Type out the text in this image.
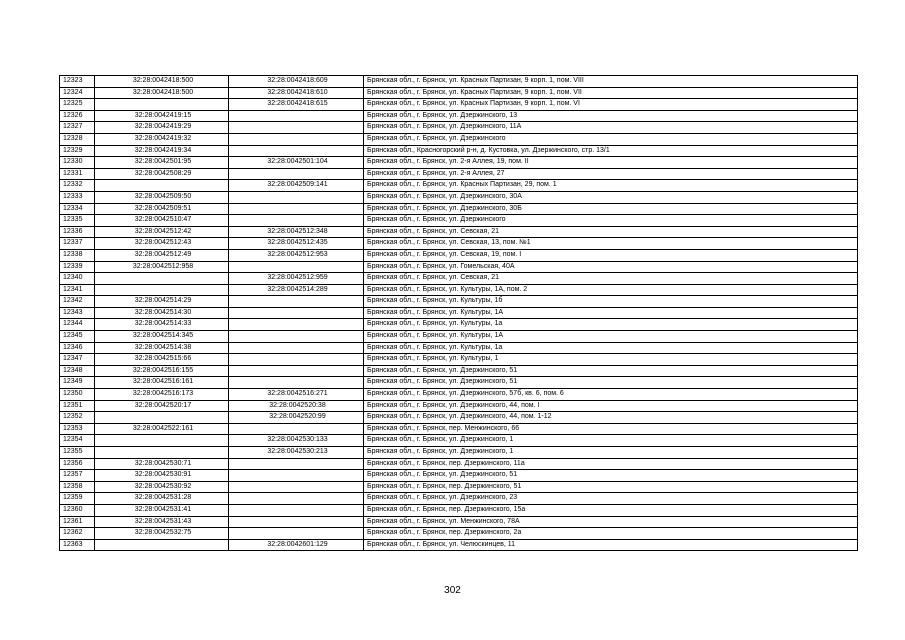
12323	32:28:0042418:500	32:28:0042418:609	Брянская обл., г. Брянск, ул. Красных Партизан, 9 корп. 1, пом. VIII
12324	32:28:0042418:500	32:28:0042418:610	Брянская обл., г. Брянск, ул. Красных Партизан, 9 корп. 1, пом. VII
12325		32:28:0042418:615	Брянская обл., г. Брянск, ул. Красных Партизан, 9 корп. 1, пом. VI
12326	32:28:0042419:15		Брянская обл., г. Брянск, ул. Дзержинского, 13
12327	32:28:0042419:29		Брянская обл., г. Брянск, ул. Дзержинского, 11А
12328	32:28:0042419:32		Брянская обл., г. Брянск, ул. Дзержинского
12329	32:28:0042419:34		Брянская обл., Красногорский р-н, д. Кустовка, ул. Дзержинского, стр. 13/1
12330	32:28:0042501:95	32:28:0042501:104	Брянская обл., г. Брянск, ул. 2-я Аллея, 19, пом. II
12331	32:28:0042508:29		Брянская обл., г. Брянск, ул. 2-я Аллея, 27
12332		32:28:0042509:141	Брянская обл., г. Брянск, ул. Красных Партизан, 29, пом. 1
12333	32:28:0042509:50		Брянская обл., г. Брянск, ул. Дзержинского, 30А
12334	32:28:0042509:51		Брянская обл., г. Брянск, ул. Дзержинского, 30Б
12335	32:28:0042510:47		Брянская обл., г. Брянск, ул. Дзержинского
12336	32:28:0042512:42	32:28:0042512:348	Брянская обл., г. Брянск, ул. Севская, 21
12337	32:28:0042512:43	32:28:0042512:435	Брянская обл., г. Брянск, ул. Севская, 13, пом. №1
12338	32:28:0042512:49	32:28:0042512:953	Брянская обл., г. Брянск, ул. Севская, 19, пом. I
12339	32:28:0042512:958		Брянская обл., г. Брянск, ул. Гомельская, 40А
12340		32:28:0042512:959	Брянская обл., г. Брянск, ул. Севская, 21
12341		32:28:0042514:289	Брянская обл., г. Брянск, ул. Культуры, 1А, пом. 2
12342	32:28:0042514:29		Брянская обл., г. Брянск, ул. Культуры, 1б
12343	32:28:0042514:30		Брянская обл., г. Брянск, ул. Культуры, 1А
12344	32:28:0042514:33		Брянская обл., г. Брянск, ул. Культуры, 1а
12345	32:28:0042514:345		Брянская обл., г. Брянск, ул. Культуры, 1А
12346	32:28:0042514:38		Брянская обл., г. Брянск, ул. Культуры, 1а
12347	32:28:0042515:66		Брянская обл., г. Брянск, ул. Культуры, 1
12348	32:28:0042516:155		Брянская обл., г. Брянск, ул. Дзержинского, 51
12349	32:28:0042516:161		Брянская обл., г. Брянск, ул. Дзержинского, 51
12350	32:28:0042516:173	32:28:0042516:271	Брянская обл., г. Брянск, ул. Дзержинского, 57б, кв. 6, пом. 6
12351	32:28:0042520:17	32:28:0042520:38	Брянская обл., г. Брянск, ул. Дзержинского, 44, пом. I
12352		32:28:0042520:99	Брянская обл., г. Брянск, ул. Дзержинского, 44, пом. 1-12
12353	32:28:0042522:161		Брянская обл., г. Брянск, пер. Менжинского, 66
12354		32:28:0042530:133	Брянская обл., г. Брянск, ул. Дзержинского, 1
12355		32:28:0042530:213	Брянская обл., г. Брянск, ул. Дзержинского, 1
12356	32:28:0042530:71		Брянская обл., г. Брянск, пер. Дзержинского, 11а
12357	32:28:0042530:91		Брянская обл., г. Брянск, ул. Дзержинского, 51
12358	32:28:0042530:92		Брянская обл., г. Брянск, пер. Дзержинского, 51
12359	32:28:0042531:28		Брянская обл., г. Брянск, ул. Дзержинского, 23
12360	32:28:0042531:41		Брянская обл., г. Брянск, пер. Дзержинского, 15а
12361	32:28:0042531:43		Брянская обл., г. Брянск, ул. Менжинского, 78А
12362	32:28:0042532:75		Брянская обл., г. Брянск, пер. Дзержинского, 2а
12363		32:28:0042601:129	Брянская обл., г. Брянск, ул. Челюскинцев, 11
302
